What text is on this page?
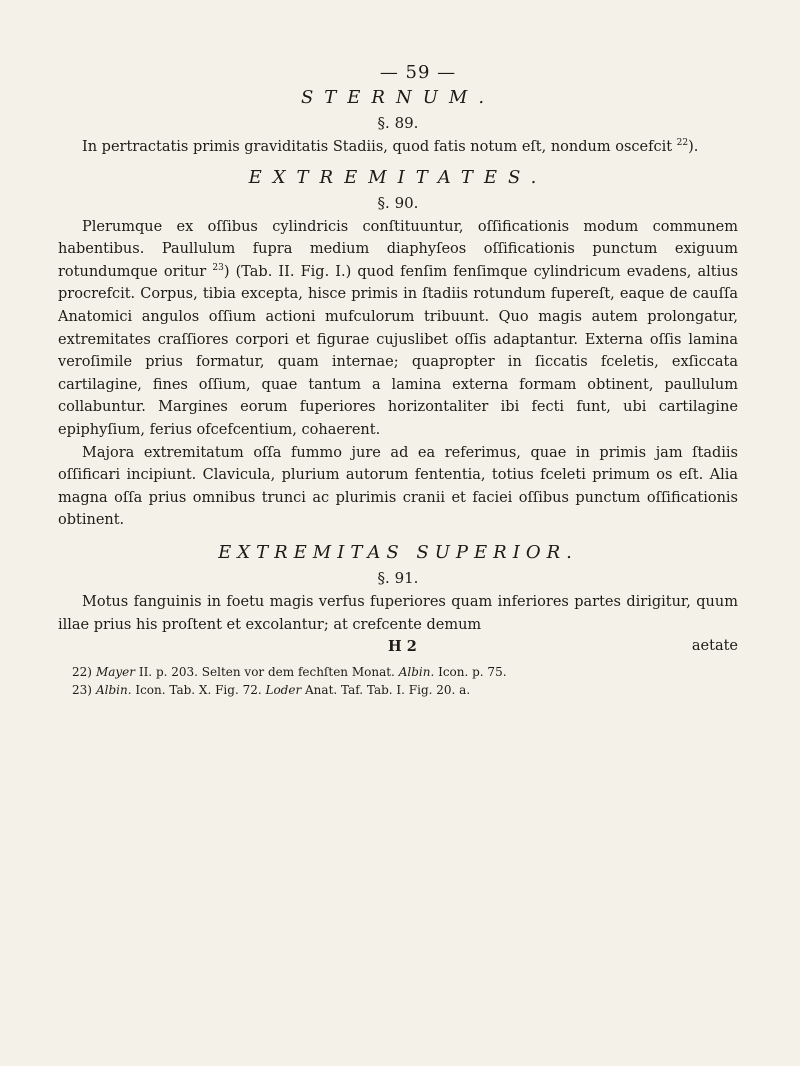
— 59 —
STERNUM.
§. 89.

In pertractatis primis graviditatis Stadiis, quod fatis notum eſt, nondum oscefcit $^{22}$).

EXTREMITATES.
§. 90.

Plerumque ex oſſibus cylindricis conſtituuntur, oſſificationis modum communem habentibus. Paullulum fupra medium diaphyſeos oſſificationis punctum exiguum rotundumque oritur $^{23}$) (Tab. II. Fig. I.) quod fenſim fenſimque cylindricum evadens, altius procrefcit. Corpus, tibia excepta, hisce primis in ſtadiis rotundum fupereſt, eaque de cauſſa Anatomici angulos oſſium actioni mufculorum tribuunt. Quo magis autem prolongatur, extremitates craſſiores corpori et figurae cujuslibet oſſis adaptantur. Externa oſſis lamina veroſimile prius formatur, quam internae; quapropter in ſiccatis fceletis, exſiccata cartilagine, fines oſſium, quae tantum a lamina externa formam obtinent, paullulum collabuntur. Margines eorum fuperiores horizontaliter ibi fecti funt, ubi cartilagine epiphyſium, ferius ofcefcentium, cohaerent.

Majora extremitatum oſſa fummo jure ad ea referimus, quae in primis jam ſtadiis oſſificari incipiunt. Clavicula, plurium autorum fententia, totius fceleti primum os eſt. Alia magna oſſa prius omnibus trunci ac plurimis cranii et faciei oſſibus punctum oſſificationis obtinent.

EXTREMITAS SUPERIOR.
§. 91.

Motus fanguinis in foetu magis verfus fuperiores quam inferiores partes dirigitur, quum illae prius his proſtent et excolantur; at crefcente demum

H 2	aetate
22) Mayer II. p. 203. Selten vor dem fechſten Monat. Albin. Icon. p. 75.
23) Albin. Icon. Tab. X. Fig. 72. Loder Anat. Taf. Tab. I. Fig. 20. a.
